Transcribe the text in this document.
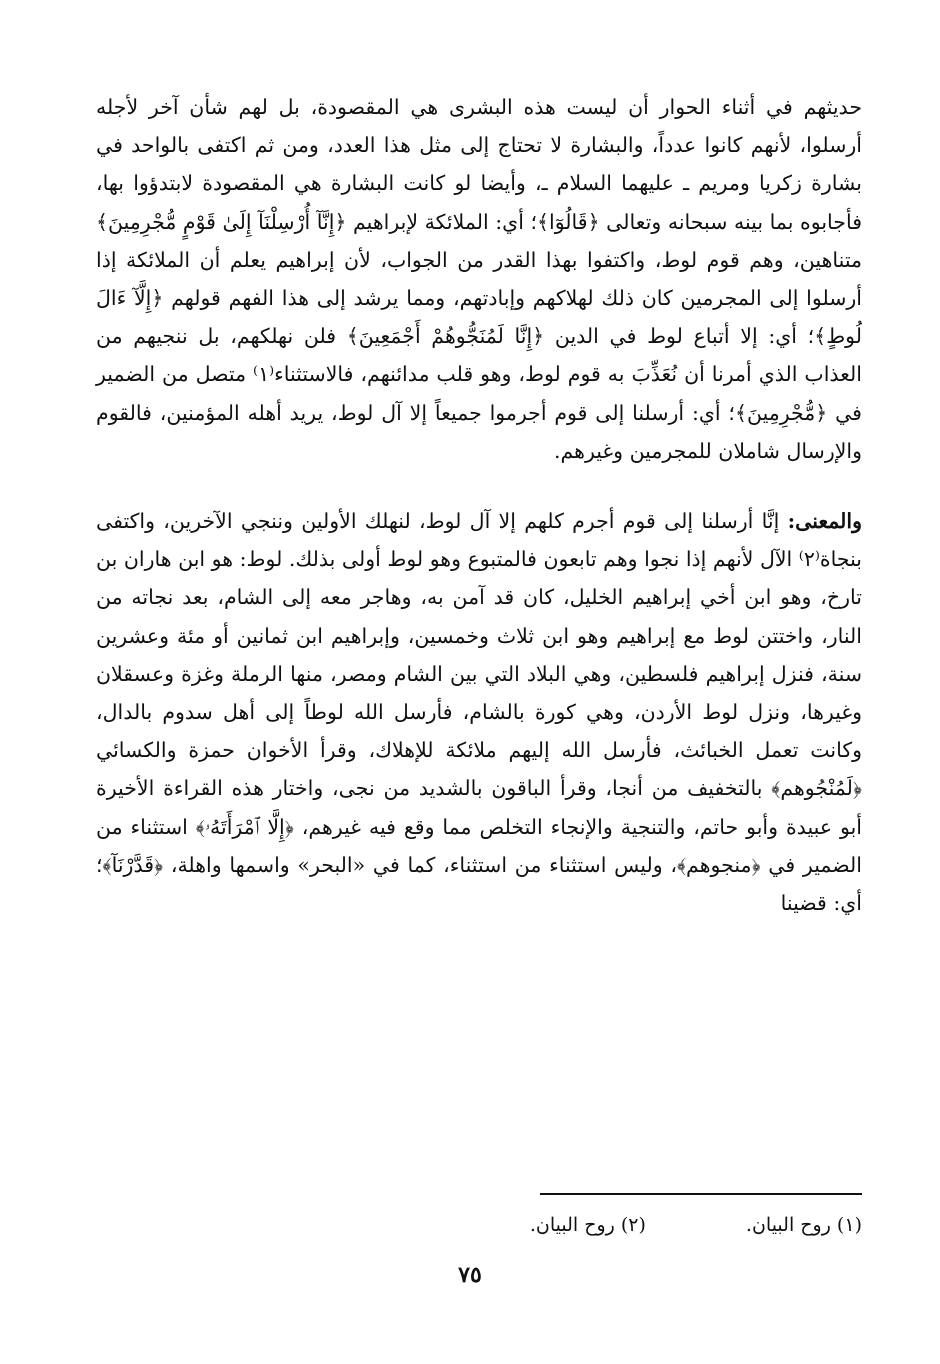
حديثهم في أثناء الحوار أن ليست هذه البشرى هي المقصودة، بل لهم شأن آخر لأجله أرسلوا، لأنهم كانوا عدداً، والبشارة لا تحتاج إلى مثل هذا العدد، ومن ثم اكتفى بالواحد في بشارة زكريا ومريم ـ عليهما السلام ـ، وأيضا لو كانت البشارة هي المقصودة لابتدؤوا بها، فأجابوه بما بينه سبحانه وتعالى ﴿قَالُوٓا﴾؛ أي: الملائكة لإبراهيم ﴿إِنَّآ أُرْسِلْنَآ إِلَىٰ قَوْمٍ مُّجْرِمِينَ﴾ متناهين، وهم قوم لوط، واكتفوا بهذا القدر من الجواب، لأن إبراهيم يعلم أن الملائكة إذا أرسلوا إلى المجرمين كان ذلك لهلاكهم وإبادتهم، ومما يرشد إلى هذا الفهم قولهم ﴿إِلَّآ ءَالَ لُوطٍ﴾؛ أي: إلا أتباع لوط في الدين ﴿إِنَّا لَمُنَجُّوهُمْ أَجْمَعِينَ﴾ فلن نهلكهم، بل ننجيهم من العذاب الذي أمرنا أن نُعَذِّبَ به قوم لوط، وهو قلب مدائنهم، فالاستثناء⁽١⁾ متصل من الضمير في ﴿مُّجْرِمِينَ﴾؛ أي: أرسلنا إلى قوم أجرموا جميعاً إلا آل لوط، يريد أهله المؤمنين، فالقوم والإرسال شاملان للمجرمين وغيرهم.

والمعنى: إنَّا أرسلنا إلى قوم أجرم كلهم إلا آل لوط، لنهلك الأولين وننجي الآخرين، واكتفى بنجاة⁽٢⁾ الآل لأنهم إذا نجوا وهم تابعون فالمتبوع وهو لوط أولى بذلك. لوط: هو ابن هاران بن تارخ، وهو ابن أخي إبراهيم الخليل، كان قد آمن به، وهاجر معه إلى الشام، بعد نجاته من النار، واختتن لوط مع إبراهيم وهو ابن ثلاث وخمسين، وإبراهيم ابن ثمانين أو مئة وعشرين سنة، فنزل إبراهيم فلسطين، وهي البلاد التي بين الشام ومصر، منها الرملة وغزة وعسقلان وغيرها، ونزل لوط الأردن، وهي كورة بالشام، فأرسل الله لوطاً إلى أهل سدوم بالدال، وكانت تعمل الخبائث، فأرسل الله إليهم ملائكة للإهلاك، وقرأ الأخوان حمزة والكسائي ﴿لَمُنْجُوهم﴾ بالتخفيف من أنجا، وقرأ الباقون بالشديد من نجى، واختار هذه القراءة الأخيرة أبو عبيدة وأبو حاتم، والتنجية والإنجاء التخلص مما وقع فيه غيرهم، ﴿إِلَّا ٱمْرَأَتَهُۥ﴾ استثناء من الضمير في ﴿منجوهم﴾، وليس استثناء من استثناء، كما في «البحر» واسمها واهلة، ﴿قَدَّرْنَآ﴾؛ أي: قضينا

(١) روح البيان.
(٢) روح البيان.
٧٥
